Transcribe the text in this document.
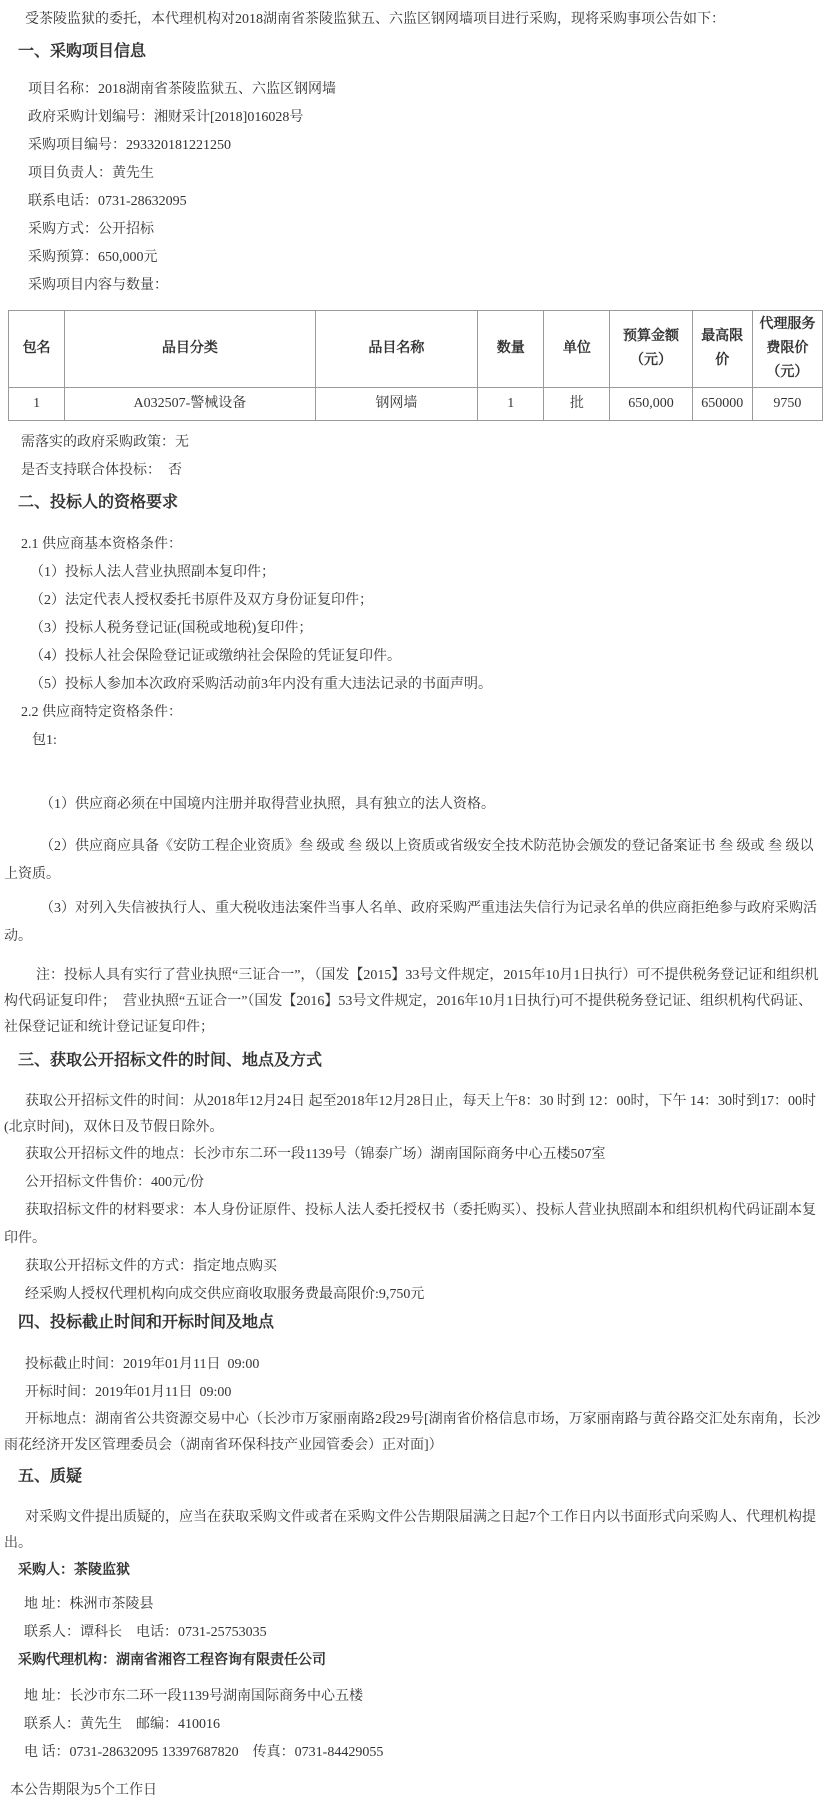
受茶陵监狱的委托，本代理机构对2018湖南省茶陵监狱五、六监区钢网墙项目进行采购，现将采购事项公告如下：

一、采购项目信息

项目名称：2018湖南省茶陵监狱五、六监区钢网墙

政府采购计划编号：湘财采计[2018]016028号

采购项目编号：293320181221250

项目负责人：黄先生

联系电话：0731-28632095

采购方式：公开招标

采购预算：650,000元

采购项目内容与数量：

包名	品目分类	品目名称	数量	单位	预算金额（元）	最高限价	代理服务费限价（元）
1	A032507-警械设备	钢网墙	1	批	650,000	650000	9750

需落实的政府采购政策：无

是否支持联合体投标：　否

二、投标人的资格要求

2.1 供应商基本资格条件：

（1）投标人法人营业执照副本复印件；

（2）法定代表人授权委托书原件及双方身份证复印件；

（3）投标人税务登记证(国税或地税)复印件；

（4）投标人社会保险登记证或缴纳社会保险的凭证复印件。

（5）投标人参加本次政府采购活动前3年内没有重大违法记录的书面声明。

2.2 供应商特定资格条件：

包1:

（1）供应商必须在中国境内注册并取得营业执照，具有独立的法人资格。

（2）供应商应具备《安防工程企业资质》叁 级或 叁 级以上资质或省级安全技术防范协会颁发的登记备案证书 叁 级或 叁 级以上资质。

（3）对列入失信被执行人、重大税收违法案件当事人名单、政府采购严重违法失信行为记录名单的供应商拒绝参与政府采购活动。

注：投标人具有实行了营业执照“三证合一”，（国发【2015】33号文件规定，2015年10月1日执行）可不提供税务登记证和组织机构代码证复印件；  营业执照“五证合一”（国发【2016】53号文件规定，2016年10月1日执行)可不提供税务登记证、组织机构代码证、社保登记证和统计登记证复印件；

三、获取公开招标文件的时间、地点及方式

获取公开招标文件的时间：从2018年12月24日 起至2018年12月28日止，每天上午8：30 时到 12：00时，下午 14：30时到17：00时(北京时间)，双休日及节假日除外。

获取公开招标文件的地点：长沙市东二环一段1139号（锦泰广场）湖南国际商务中心五楼507室

公开招标文件售价：400元/份

获取招标文件的材料要求：本人身份证原件、投标人法人委托授权书（委托购买）、投标人营业执照副本和组织机构代码证副本复印件。

获取公开招标文件的方式：指定地点购买

经采购人授权代理机构向成交供应商收取服务费最高限价:9,750元

四、投标截止时间和开标时间及地点

投标截止时间：2019年01月11日  09:00

开标时间：2019年01月11日  09:00

开标地点：湖南省公共资源交易中心（长沙市万家丽南路2段29号[湖南省价格信息市场，万家丽南路与黄谷路交汇处东南角，长沙雨花经济开发区管理委员会（湖南省环保科技产业园管委会）正对面]）

五、质疑

对采购文件提出质疑的，应当在获取采购文件或者在采购文件公告期限届满之日起7个工作日内以书面形式向采购人、代理机构提出。

采购人：茶陵监狱

地 址：株洲市茶陵县

联系人：谭科长　电话：0731-25753035

采购代理机构：湖南省湘咨工程咨询有限责任公司

地 址：长沙市东二环一段1139号湖南国际商务中心五楼

联系人：黄先生　邮编：410016

电 话：0731-28632095 13397687820　传真：0731-84429055

本公告期限为5个工作日
